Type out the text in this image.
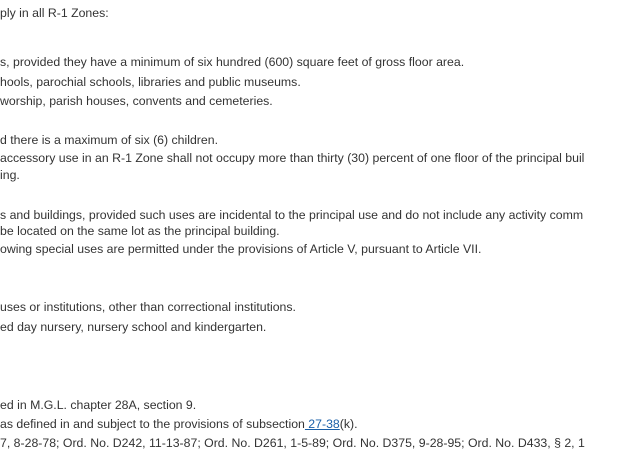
ply in all R-1 Zones:
s, provided they have a minimum of six hundred (600) square feet of gross floor area.
hools, parochial schools, libraries and public museums.
worship, parish houses, convents and cemeteries.
d there is a maximum of six (6) children.
accessory use in an R-1 Zone shall not occupy more than thirty (30) percent of one floor of the principal buil
ing.
s and buildings, provided such uses are incidental to the principal use and do not include any activity comm
be located on the same lot as the principal building.
owing special uses are permitted under the provisions of Article V, pursuant to Article VII.
uses or institutions, other than correctional institutions.
ed day nursery, nursery school and kindergarten.
ed in M.G.L. chapter 28A, section 9.
as defined in and subject to the provisions of subsection 27-38(k).
7, 8-28-78; Ord. No. D242, 11-13-87; Ord. No. D261, 1-5-89; Ord. No. D375, 9-28-95; Ord. No. D433, § 2, 1
